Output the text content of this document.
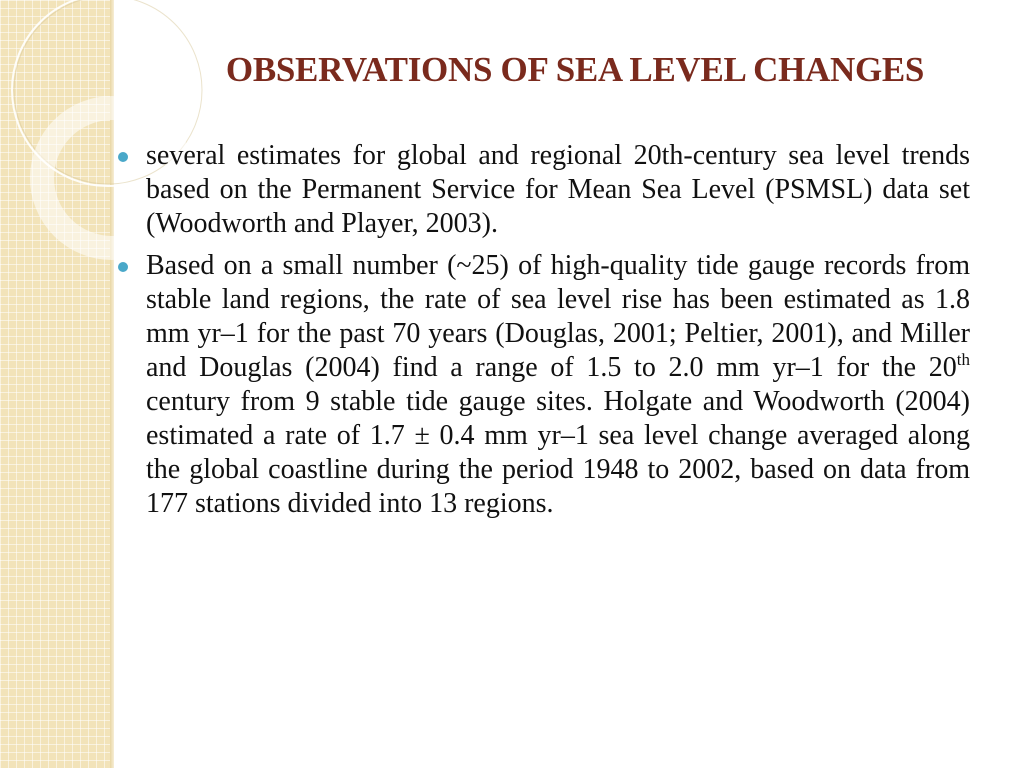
OBSERVATIONS OF SEA LEVEL CHANGES
several estimates for global and regional 20th-century sea level trends based on the Permanent Service for Mean Sea Level (PSMSL) data set (Woodworth and Player, 2003).
Based on a small number (~25) of high-quality tide gauge records from stable land regions, the rate of sea level rise has been estimated as 1.8 mm yr–1 for the past 70 years (Douglas, 2001; Peltier, 2001), and Miller and Douglas (2004) find a range of 1.5 to 2.0 mm yr–1 for the 20th century from 9 stable tide gauge sites. Holgate and Woodworth (2004) estimated a rate of 1.7 ± 0.4 mm yr–1 sea level change averaged along the global coastline during the period 1948 to 2002, based on data from 177 stations divided into 13 regions.
